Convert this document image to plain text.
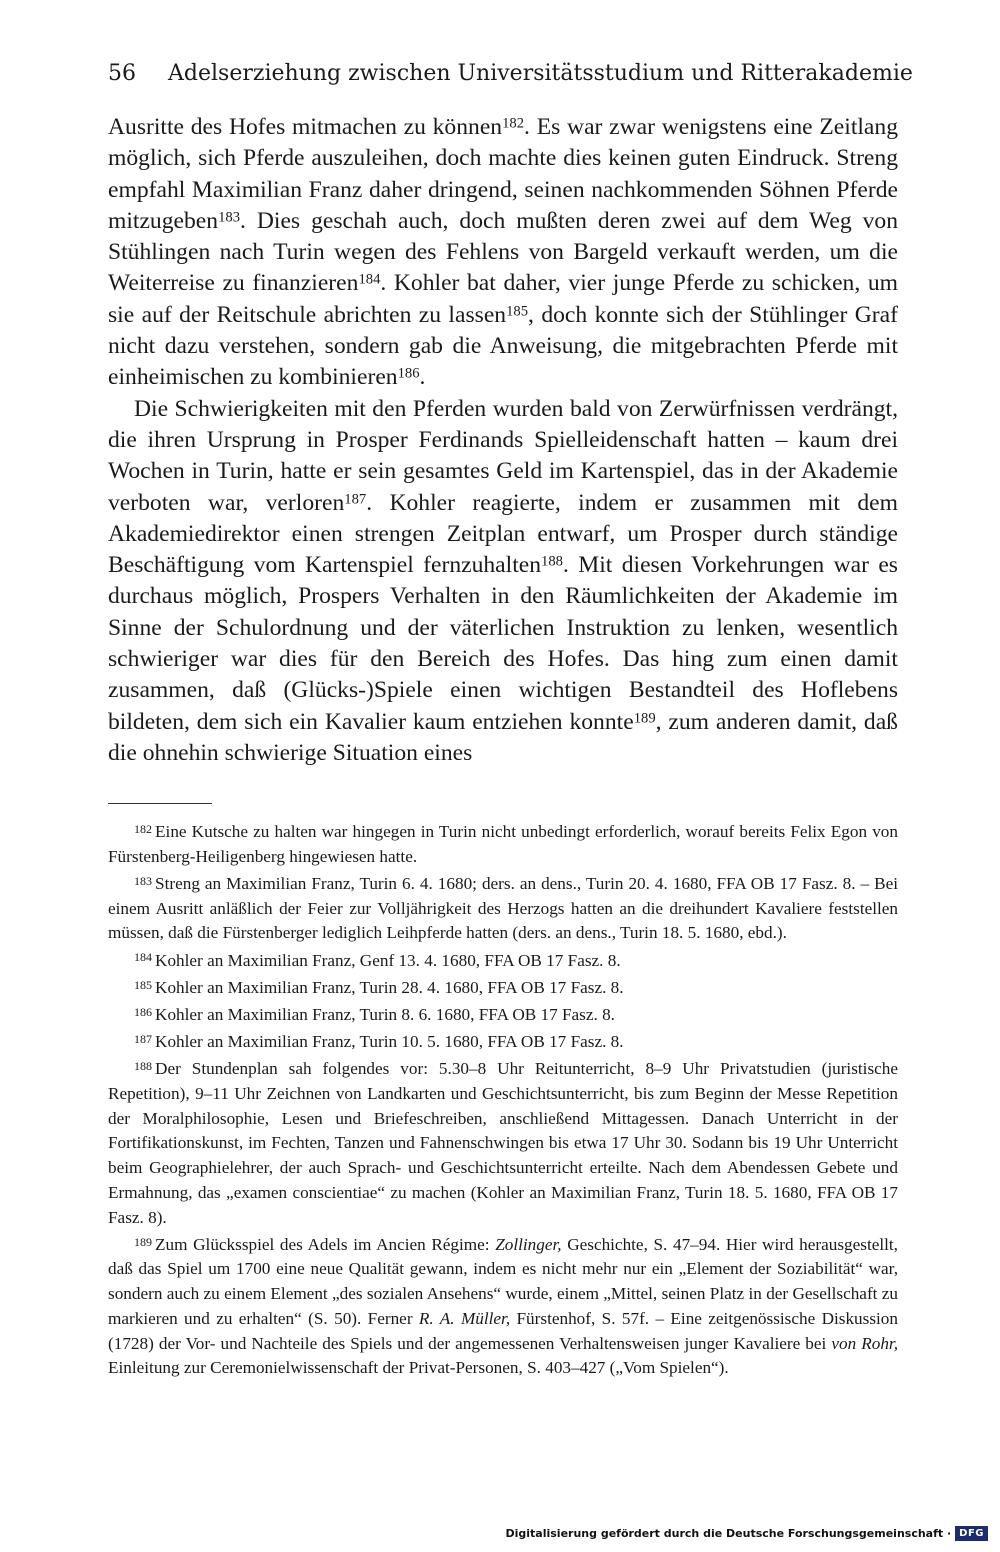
56 Adelserziehung zwischen Universitätsstudium und Ritterakademie

Ausritte des Hofes mitmachen zu können$^{182}$. Es war zwar wenigstens eine Zeitlang möglich, sich Pferde auszuleihen, doch machte dies keinen guten Eindruck. Streng empfahl Maximilian Franz daher dringend, seinen nachkommenden Söhnen Pferde mitzugeben$^{183}$. Dies geschah auch, doch mußten deren zwei auf dem Weg von Stühlingen nach Turin wegen des Fehlens von Bargeld verkauft werden, um die Weiterreise zu finanzieren$^{184}$. Kohler bat daher, vier junge Pferde zu schicken, um sie auf der Reitschule abrichten zu lassen$^{185}$, doch konnte sich der Stühlinger Graf nicht dazu verstehen, sondern gab die Anweisung, die mitgebrachten Pferde mit einheimischen zu kombinieren$^{186}$.

Die Schwierigkeiten mit den Pferden wurden bald von Zerwürfnissen verdrängt, die ihren Ursprung in Prosper Ferdinands Spielleidenschaft hatten – kaum drei Wochen in Turin, hatte er sein gesamtes Geld im Kartenspiel, das in der Akademie verboten war, verloren$^{187}$. Kohler reagierte, indem er zusammen mit dem Akademiedirektor einen strengen Zeitplan entwarf, um Prosper durch ständige Beschäftigung vom Kartenspiel fernzuhalten$^{188}$. Mit diesen Vorkehrungen war es durchaus möglich, Prospers Verhalten in den Räumlichkeiten der Akademie im Sinne der Schulordnung und der väterlichen Instruktion zu lenken, wesentlich schwieriger war dies für den Bereich des Hofes. Das hing zum einen damit zusammen, daß (Glücks-)Spiele einen wichtigen Bestandteil des Hoflebens bildeten, dem sich ein Kavalier kaum entziehen konnte$^{189}$, zum anderen damit, daß die ohnehin schwierige Situation eines

$^{182}$ Eine Kutsche zu halten war hingegen in Turin nicht unbedingt erforderlich, worauf bereits Felix Egon von Fürstenberg-Heiligenberg hingewiesen hatte.

$^{183}$ Streng an Maximilian Franz, Turin 6. 4. 1680; ders. an dens., Turin 20. 4. 1680, FFA OB 17 Fasz. 8. – Bei einem Ausritt anläßlich der Feier zur Volljährigkeit des Herzogs hatten an die dreihundert Kavaliere feststellen müssen, daß die Fürstenberger lediglich Leihpferde hatten (ders. an dens., Turin 18. 5. 1680, ebd.).

$^{184}$ Kohler an Maximilian Franz, Genf 13. 4. 1680, FFA OB 17 Fasz. 8.

$^{185}$ Kohler an Maximilian Franz, Turin 28. 4. 1680, FFA OB 17 Fasz. 8.

$^{186}$ Kohler an Maximilian Franz, Turin 8. 6. 1680, FFA OB 17 Fasz. 8.

$^{187}$ Kohler an Maximilian Franz, Turin 10. 5. 1680, FFA OB 17 Fasz. 8.

$^{188}$ Der Stundenplan sah folgendes vor: 5.30–8 Uhr Reitunterricht, 8–9 Uhr Privatstudien (juristische Repetition), 9–11 Uhr Zeichnen von Landkarten und Geschichtsunterricht, bis zum Beginn der Messe Repetition der Moralphilosophie, Lesen und Briefeschreiben, anschließend Mittagessen. Danach Unterricht in der Fortifikationskunst, im Fechten, Tanzen und Fahnenschwingen bis etwa 17 Uhr 30. Sodann bis 19 Uhr Unterricht beim Geographielehrer, der auch Sprach- und Geschichtsunterricht erteilte. Nach dem Abendessen Gebete und Ermahnung, das „examen conscientiae“ zu machen (Kohler an Maximilian Franz, Turin 18. 5. 1680, FFA OB 17 Fasz. 8).

$^{189}$ Zum Glücksspiel des Adels im Ancien Régime: Zollinger, Geschichte, S. 47–94. Hier wird herausgestellt, daß das Spiel um 1700 eine neue Qualität gewann, indem es nicht mehr nur ein „Element der Soziabilität“ war, sondern auch zu einem Element „des sozialen Ansehens“ wurde, einem „Mittel, seinen Platz in der Gesellschaft zu markieren und zu erhalten“ (S. 50). Ferner R. A. Müller, Fürstenhof, S. 57f. – Eine zeitgenössische Diskussion (1728) der Vor- und Nachteile des Spiels und der angemessenen Verhaltensweisen junger Kavaliere bei von Rohr, Einleitung zur Ceremonielwissenschaft der Privat-Personen, S. 403–427 („Vom Spielen“).

Digitalisierung gefördert durch die Deutsche Forschungsgemeinschaft · DFG
